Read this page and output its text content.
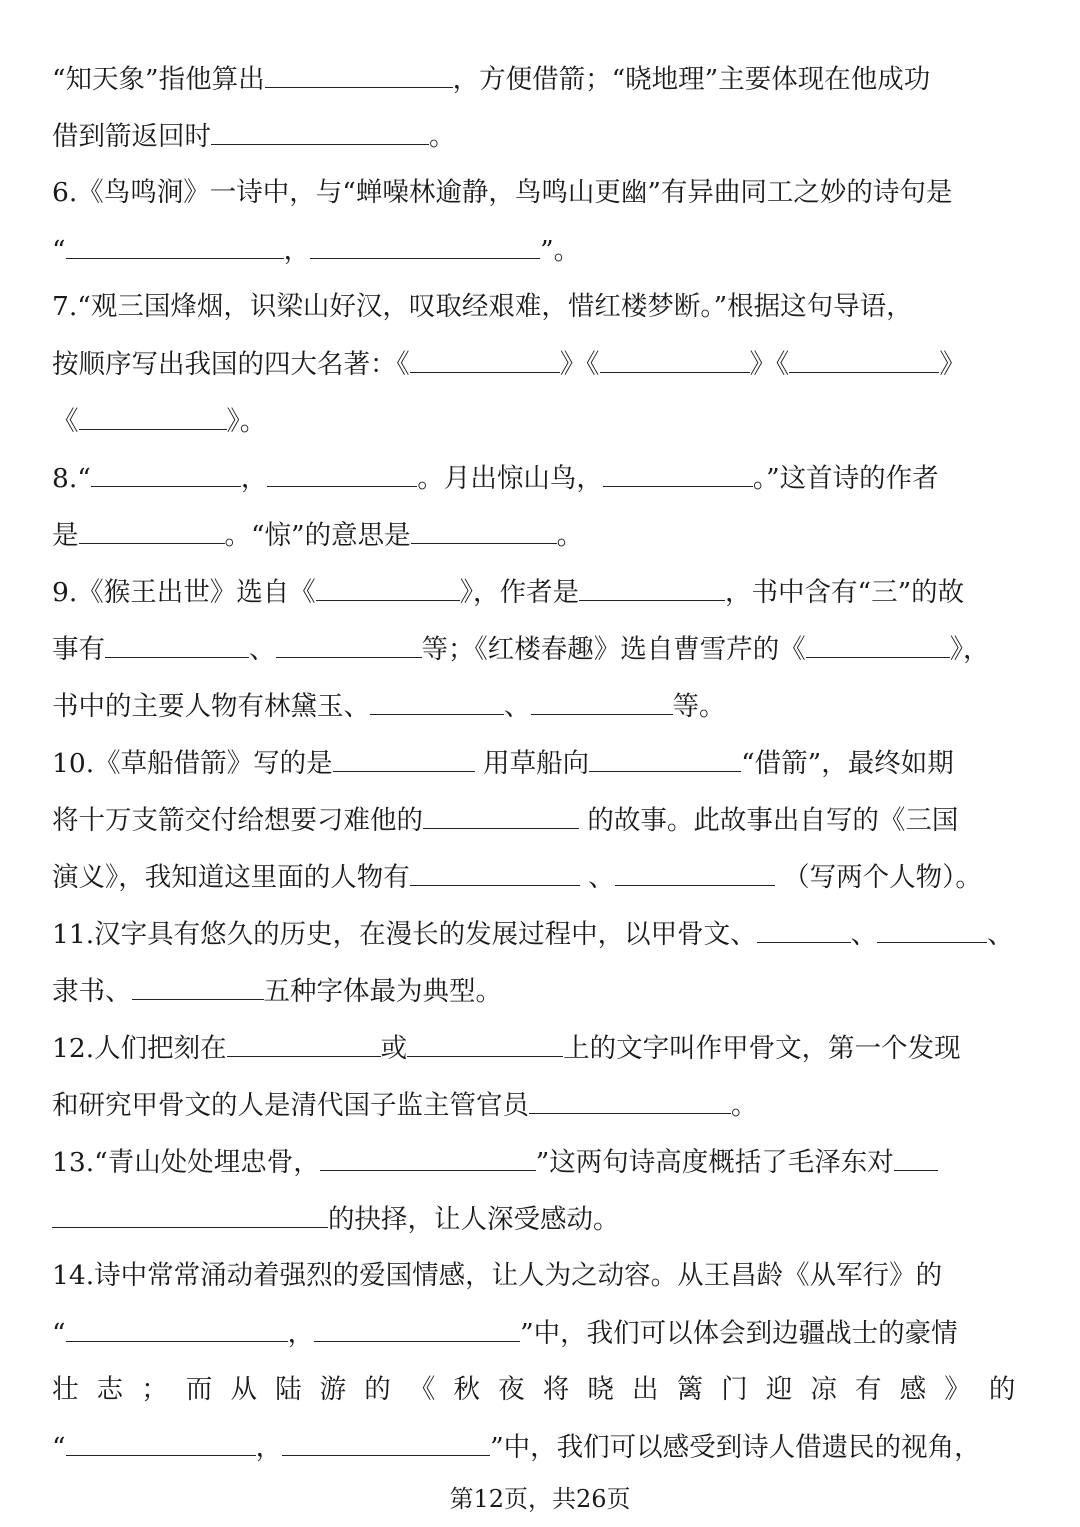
“知天象”指他算出	，方便借箭；“晓地理”主要体现在他成功
借到箭返回时	。
6.《鸟鸣涧》一诗中，与“蝉噪林逾静，鸟鸣山更幽”有异曲同工之妙的诗句是
“	，	”。
7.“观三国烽烟，识梁山好汉，叹取经艰难，惜红楼梦断。”根据这句导语，
按顺序写出我国的四大名著：《	》《	》《	》
《	》。
8.“	，	。月出惊山鸟，	。”这首诗的作者
是	。“惊”的意思是	。
9.《猴王出世》选自《	》，作者是	，书中含有“三”的故
事有	、	等；《红楼春趣》选自曹雪芹的《	》，
书中的主要人物有林黛玉、	、	等。
10.《草船借箭》写的是	用草船向	“借箭”，最终如期
将十万支箭交付给想要刁难他的	的故事。此故事出自写的《三国
演义》，我知道这里面的人物有	、	（写两个人物）。
11.汉字具有悠久的历史，在漫长的发展过程中，以甲骨文、	、	、
隶书、	五种字体最为典型。
12.人们把刻在	或	上的文字叫作甲骨文，第一个发现
和研究甲骨文的人是清代国子监主管官员	。
13.“青山处处埋忠骨，	”这两句诗高度概括了毛泽东对
的抉择，让人深受感动。
14.诗中常常涌动着强烈的爱国情感，让人为之动容。从王昌龄《从军行》的
“	，	”中，我们可以体会到边疆战士的豪情
壮志；而从陆游的《秋夜将晓出篱门迎凉有感》的
“	，	”中，我们可以感受到诗人借遗民的视角，
第12页，共26页
